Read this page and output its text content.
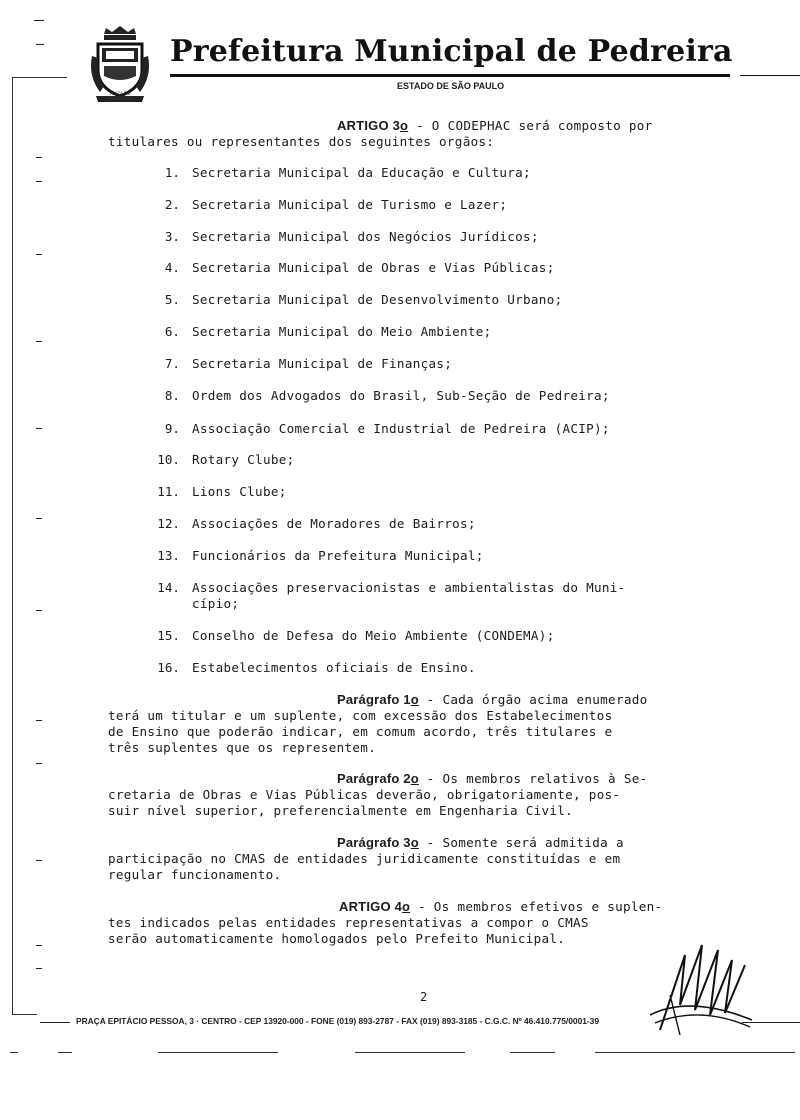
PLAZA DO PORCELANA
Prefeitura Municipal de Pedreira
ESTADO DE SÃO PAULO
ARTIGO 3o - O CODEPHAC será composto por
titulares ou representantes dos seguintes orgãos:
1. Secretaria Municipal da Educação e Cultura;
2. Secretaria Municipal de Turismo e Lazer;
3. Secretaria Municipal dos Negócios Jurídicos;
4. Secretaria Municipal de Obras e Vias Públicas;
5. Secretaria Municipal de Desenvolvimento Urbano;
6. Secretaria Municipal do Meio Ambiente;
7. Secretaria Municipal de Finanças;
8. Ordem dos Advogados do Brasil, Sub-Seção de Pedreira;
9. Associação Comercial e Industrial de Pedreira (ACIP);
10. Rotary Clube;
11. Lions Clube;
12. Associações de Moradores de Bairros;
13. Funcionários da Prefeitura Municipal;
14. Associações preservacionistas e ambientalistas do Muni-
cípio;
15. Conselho de Defesa do Meio Ambiente (CONDEMA);
16. Estabelecimentos oficiais de Ensino.
Parágrafo 1o - Cada órgão acima enumerado
terá um titular e um suplente, com excessão dos Estabelecimentos
de Ensino que poderão indicar, em comum acordo, três titulares e
três suplentes que os representem.
Parágrafo 2o - Os membros relativos à Se-
cretaria de Obras e Vias Públicas deverão, obrigatoriamente, pos-
suir nível superior, preferencialmente em Engenharia Civil.
Parágrafo 3o - Somente será admitida a
participação no CMAS de entidades juridicamente constituídas e em
regular funcionamento.
ARTIGO 4o - Os membros efetivos e suplen-
tes indicados pelas entidades representativas a compor o CMAS
serão automaticamente homologados pelo Prefeito Municipal.
2
PRAÇA EPITÁCIO PESSOA, 3 · CENTRO - CEP 13920-000 - FONE (019) 893-2787 - FAX (019) 893-3185 - C.G.C. Nº 46.410.775/0001-39
